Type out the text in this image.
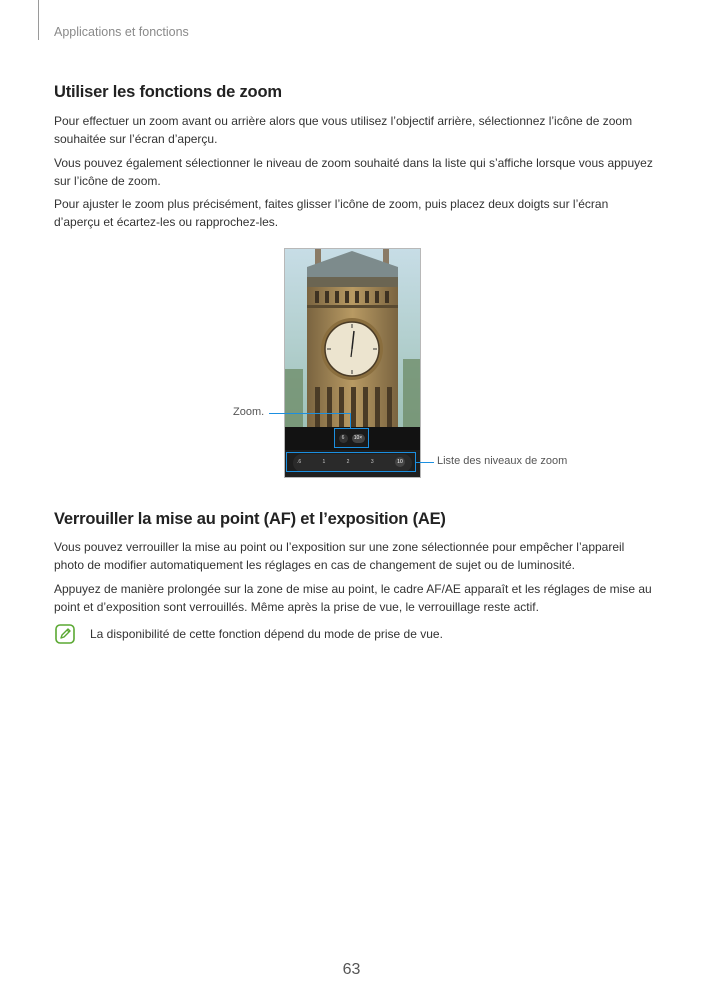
Applications et fonctions
Utiliser les fonctions de zoom

Pour effectuer un zoom avant ou arrière alors que vous utilisez l’objectif arrière, sélectionnez l’icône de zoom souhaitée sur l’écran d’aperçu.

Vous pouvez également sélectionner le niveau de zoom souhaité dans la liste qui s’affiche lorsque vous appuyez sur l’icône de zoom.

Pour ajuster le zoom plus précisément, faites glisser l’icône de zoom, puis placez deux doigts sur l’écran d’aperçu et écartez-les ou rapprochez-les.

6	10×
.6	1	2	3	10
Zoom.
Liste des niveaux de zoom
Verrouiller la mise au point (AF) et l’exposition (AE)

Vous pouvez verrouiller la mise au point ou l’exposition sur une zone sélectionnée pour empêcher l’appareil photo de modifier automatiquement les réglages en cas de changement de sujet ou de luminosité.

Appuyez de manière prolongée sur la zone de mise au point, le cadre AF/AE apparaît et les réglages de mise au point et d’exposition sont verrouillés. Même après la prise de vue, le verrouillage reste actif.

La disponibilité de cette fonction dépend du mode de prise de vue.
63
